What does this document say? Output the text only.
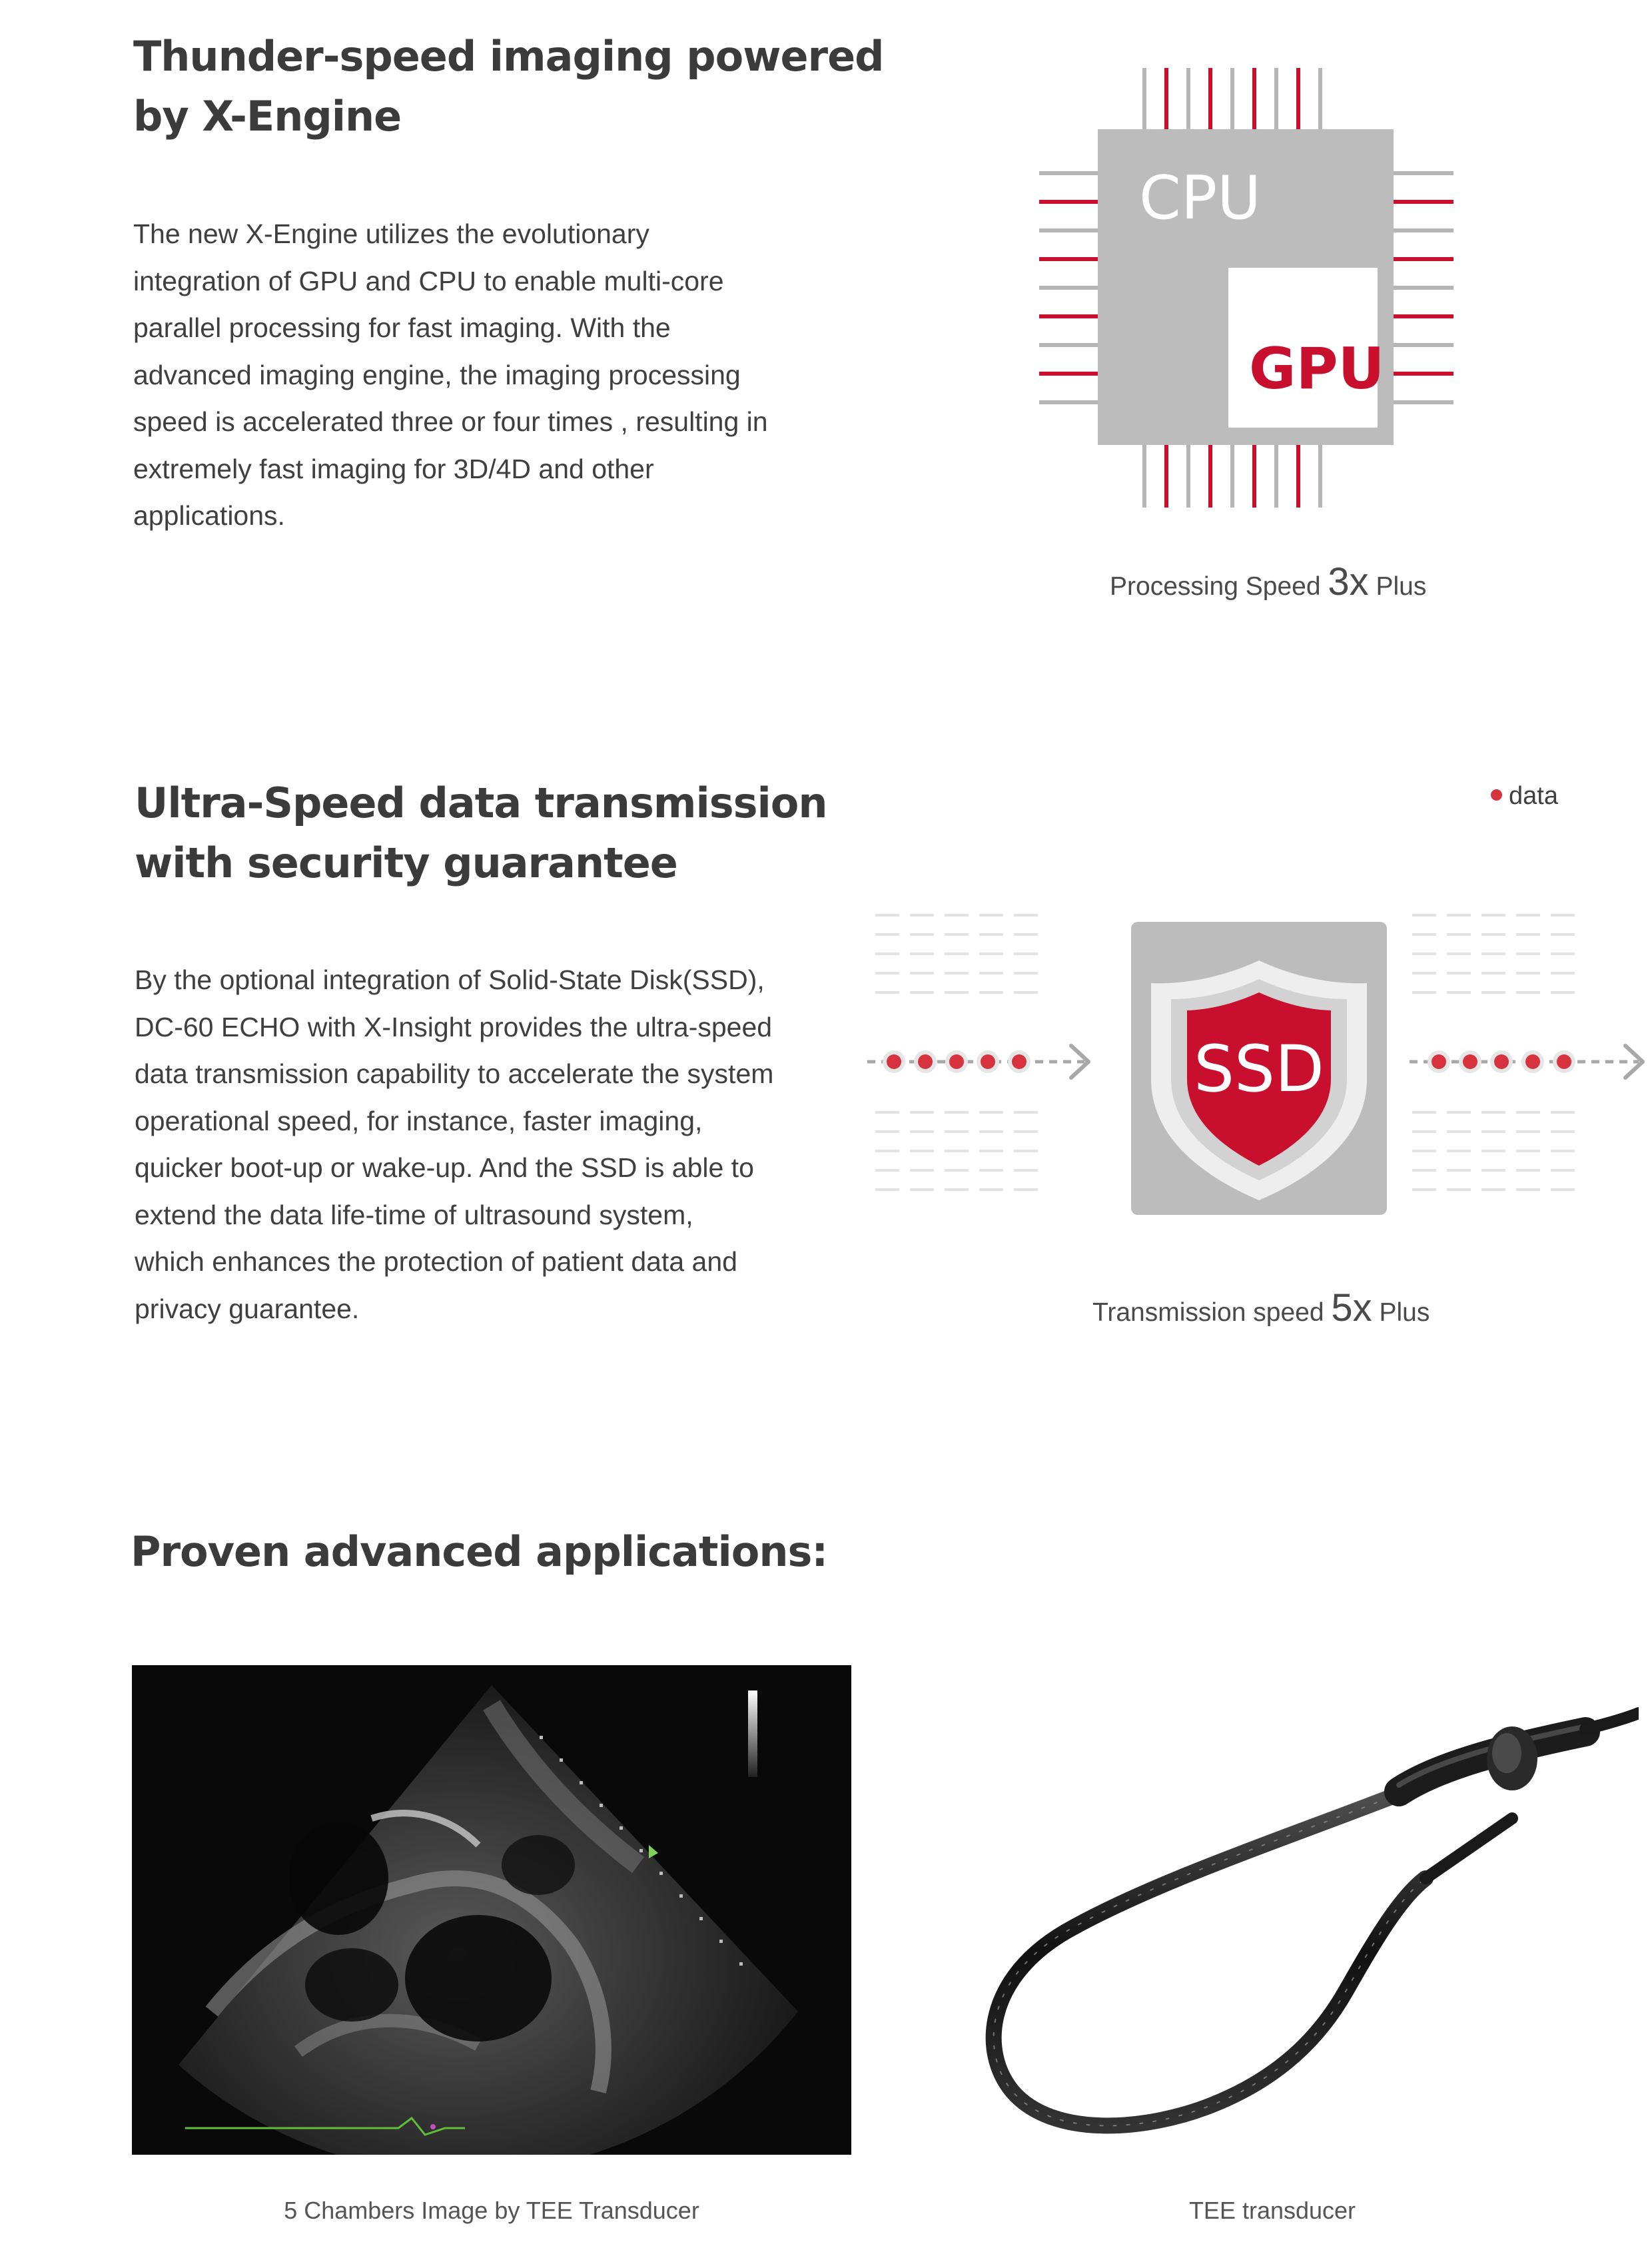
Thunder-speed imaging powered
by X-Engine
The new X-Engine utilizes the evolutionary
integration of GPU and CPU to enable multi-core
parallel processing for fast imaging. With the
advanced imaging engine, the imaging processing
speed is accelerated three or four times , resulting in
extremely fast imaging for 3D/4D and other
applications.
CPU
GPU
Processing Speed 3x Plus
Ultra-Speed data transmission
with security guarantee
By the optional integration of Solid-State Disk(SSD),
DC-60 ECHO with X-Insight provides the ultra-speed
data transmission capability to accelerate the system
operational speed, for instance, faster imaging,
quicker boot-up or wake-up. And the SSD is able to
extend the data life-time of ultrasound system,
which enhances the protection of patient data and
privacy guarantee.
data
SSD
Transmission speed 5x Plus
Proven advanced applications:
5 Chambers Image by TEE Transducer	TEE transducer
